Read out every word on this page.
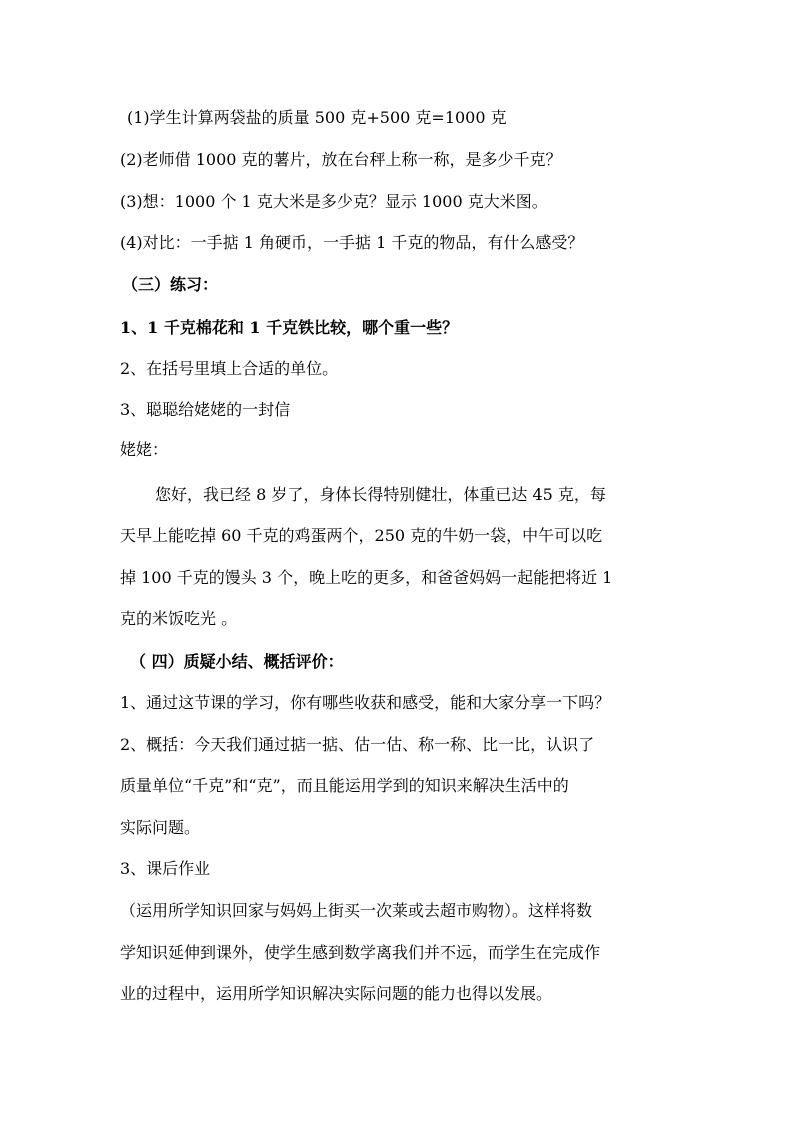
(1)学生计算两袋盐的质量 500 克+500 克=1000 克
(2)老师借 1000 克的薯片，放在台秤上称一称，是多少千克？
(3)想：1000 个 1 克大米是多少克？显示 1000 克大米图。
(4)对比：一手掂 1 角硬币，一手掂 1 千克的物品，有什么感受？
（三）练习：
1、1 千克棉花和 1 千克铁比较，哪个重一些？
2、在括号里填上合适的单位。
3、聪聪给姥姥的一封信
姥姥：
您好，我已经 8 岁了，身体长得特别健壮，体重已达 45 克，每
天早上能吃掉 60 千克的鸡蛋两个，250 克的牛奶一袋，中午可以吃
掉 100 千克的馒头 3 个，晚上吃的更多，和爸爸妈妈一起能把将近 1
克的米饭吃光 。
（ 四）质疑小结、概括评价：
1、通过这节课的学习，你有哪些收获和感受，能和大家分享一下吗？
2、概括：今天我们通过掂一掂、估一估、称一称、比一比，认识了
质量单位“千克”和“克”，而且能运用学到的知识来解决生活中的
实际问题。
3、课后作业
（运用所学知识回家与妈妈上街买一次莱或去超市购物）。这样将数
学知识延伸到课外，使学生感到数学离我们并不远，而学生在完成作
业的过程中，运用所学知识解决实际问题的能力也得以发展。
